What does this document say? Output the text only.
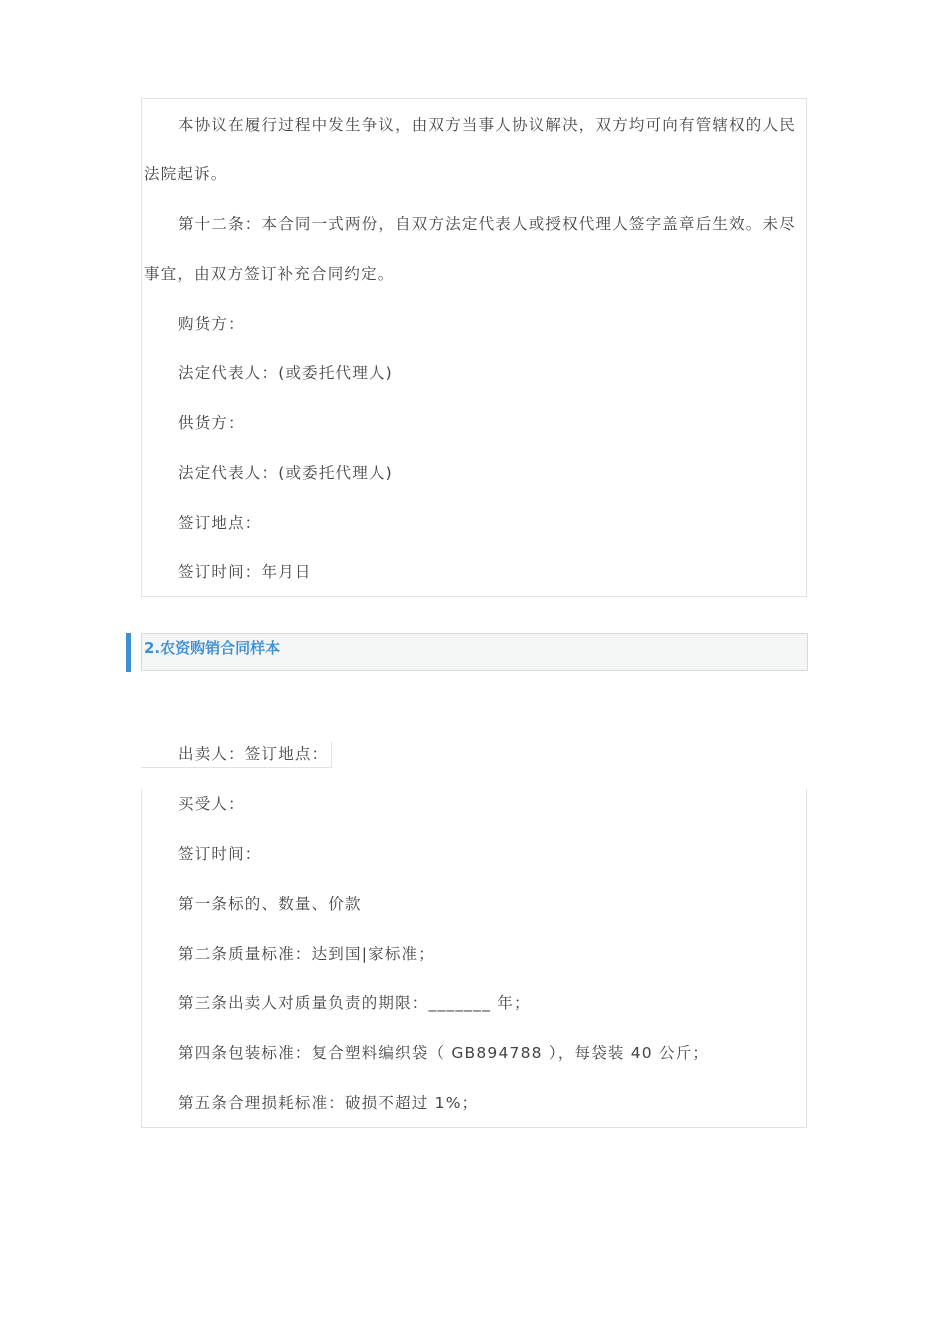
本协议在履行过程中发生争议，由双方当事人协议解决，双方均可向有管辖权的人民
法院起诉。
第十二条：本合同一式两份，自双方法定代表人或授权代理人签字盖章后生效。未尽
事宜，由双方签订补充合同约定。
购货方：
法定代表人：(或委托代理人)
供货方：
法定代表人：(或委托代理人)
签订地点：
签订时间：年月日
2.农资购销合同样本
出卖人：签订地点：
买受人：
签订时间：
第一条标的、数量、价款
第二条质量标准：达到国|家标准；
第三条出卖人对质量负责的期限：_______ 年；
第四条包装标准：复合塑料编织袋（ GB894788 ），每袋装 40 公斤；
第五条合理损耗标准：破损不超过 1%；
